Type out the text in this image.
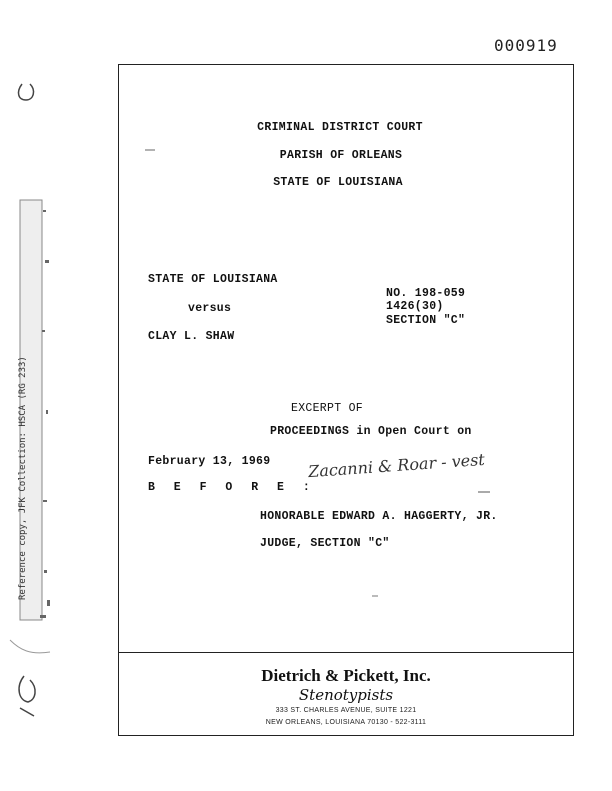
000919
Reference copy, JFK Collection: HSCA (RG 233)
CRIMINAL DISTRICT COURT
PARISH OF ORLEANS
STATE OF LOUISIANA
STATE OF LOUISIANA
versus
CLAY L. SHAW
NO. 198-059
1426(30)
SECTION "C"
EXCERPT OF
PROCEEDINGS in Open Court on
February 13, 1969
B E F O R E :
HONORABLE EDWARD A. HAGGERTY, JR.
JUDGE, SECTION "C"
Zacanni & Roar - vest
Dietrich & Pickett, Inc.
Stenotypists
333 ST. CHARLES AVENUE, SUITE 1221
NEW ORLEANS, LOUISIANA 70130 - 522-3111
